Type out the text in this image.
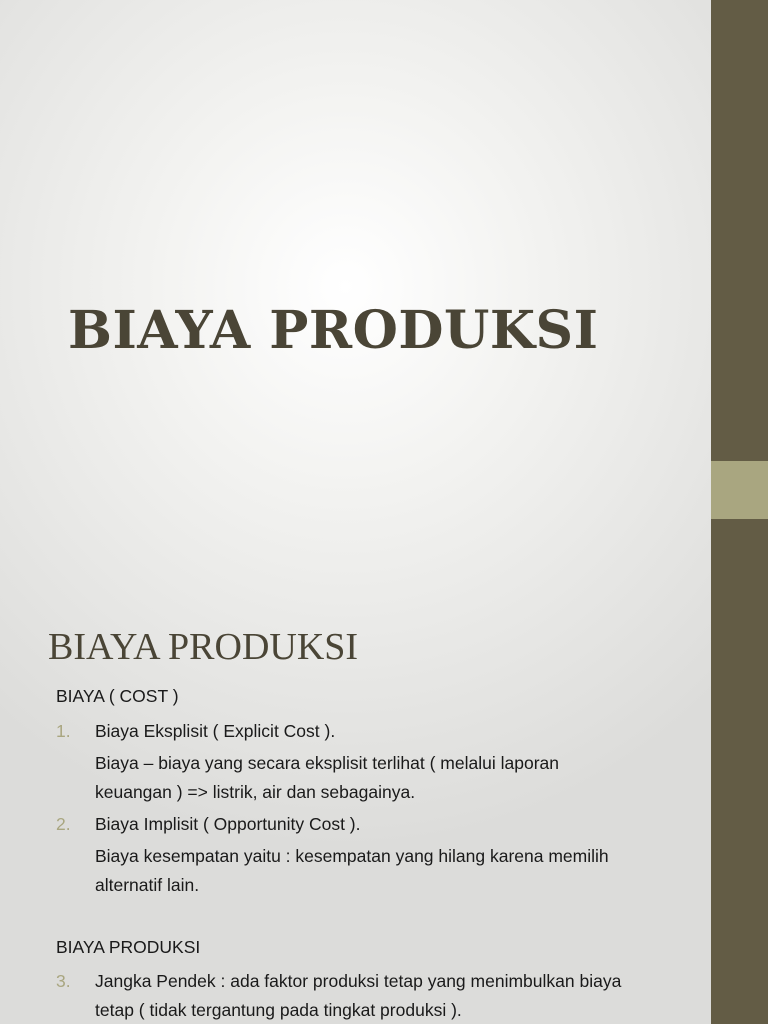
BIAYA PRODUKSI
BIAYA PRODUKSI
BIAYA ( COST )
1. Biaya Eksplisit ( Explicit Cost ).
Biaya – biaya yang secara eksplisit terlihat ( melalui laporan
keuangan ) => listrik, air dan sebagainya.
2. Biaya Implisit ( Opportunity Cost ).
Biaya kesempatan yaitu : kesempatan yang hilang karena memilih
alternatif lain.
BIAYA PRODUKSI
3. Jangka Pendek : ada faktor produksi tetap yang menimbulkan biaya
tetap ( tidak tergantung pada tingkat produksi ).
